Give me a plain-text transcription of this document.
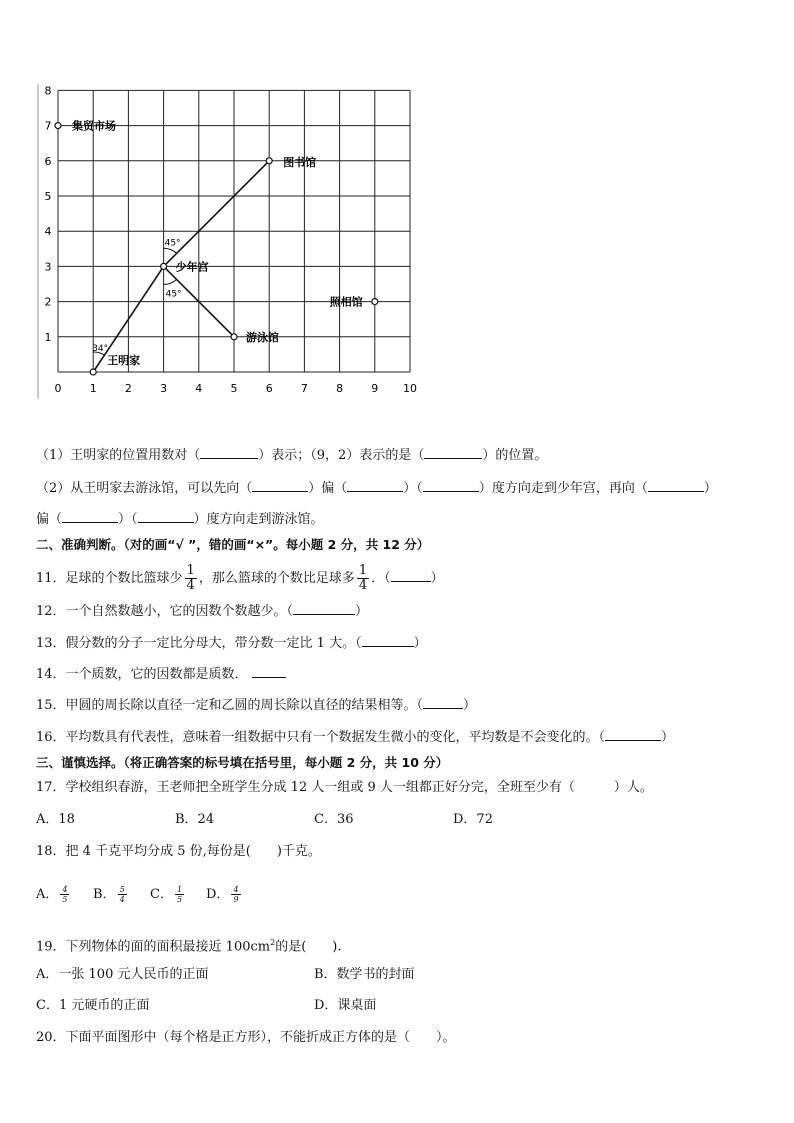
0	1	2	3	4	5	6	7	8	9 10
1
2
3
4
5
6
7
8
45°
45°
34°
集贸市场
图书馆
少年宫
照相馆
游泳馆
王明家
（1）王明家的位置用数对（	）表示；（9，2）表示的是（	）的位置。
（2）从王明家去游泳馆，可以先向（	）偏（	）（	）度方向走到少年宫，再向（	）
偏（	）（	）度方向走到游泳馆。
二、准确判断。（对的画“√ ”，错的画“×”。每小题 2 分，共 12 分）
11．足球的个数比篮球少 $\frac{1}{4}$ ，那么篮球的个数比足球多 $\frac{1}{4}$ ．（	）
12．一个自然数越小，它的因数个数越少。（	）
13．假分数的分子一定比分母大，带分数一定比 1 大。（	）
14．一个质数，它的因数都是质数．
15．甲圆的周长除以直径一定和乙圆的周长除以直径的结果相等。（	）
16．平均数具有代表性，意味着一组数据中只有一个数据发生微小的变化，平均数是不会变化的。（	）
三、谨慎选择。（将正确答案的标号填在括号里，每小题 2 分，共 10 分）
17．学校组织春游，王老师把全班学生分成 12 人一组或 9 人一组都正好分完，全班至少有（　　　）人。
A．18	B．24	C．36	D．72
18．把 4 千克平均分成 5 份,每份是(　　)千克。
A． $\frac{4}{5}$ B． $\frac{5}{4}$ C． $\frac{1}{5}$ D． $\frac{4}{9}$
19．下列物体的面的面积最接近 $100cm^2$的是(　　).
A．一张 100 元人民币的正面	B．数学书的封面
C．1 元硬币的正面	D．课桌面
20．下面平面图形中（每个格是正方形），不能折成正方体的是（　　）。
